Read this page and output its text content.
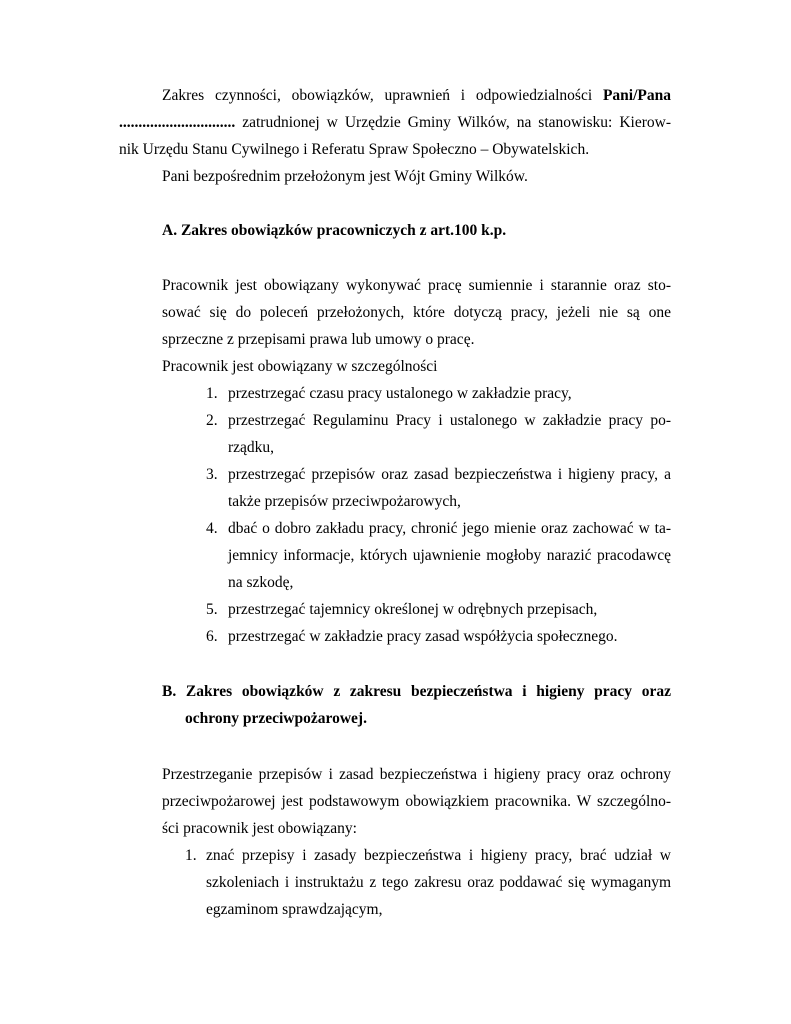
Zakres czynności, obowiązków, uprawnień i odpowiedzialności Pani/Pana
.............................. zatrudnionej w Urzędzie Gminy Wilków, na stanowisku: Kierow-
nik Urzędu Stanu Cywilnego i Referatu Spraw Społeczno – Obywatelskich.
Pani bezpośrednim przełożonym jest Wójt Gminy Wilków.
A. Zakres obowiązków pracowniczych z art.100 k.p.
Pracownik jest obowiązany wykonywać pracę sumiennie i starannie oraz sto-
sować się do poleceń przełożonych, które dotyczą pracy, jeżeli nie są one
sprzeczne z przepisami prawa lub umowy o pracę.
Pracownik jest obowiązany w szczególności
1. przestrzegać czasu pracy ustalonego w zakładzie pracy,
2. przestrzegać Regulaminu Pracy i ustalonego w zakładzie pracy po-
rządku,
3. przestrzegać przepisów oraz zasad bezpieczeństwa i higieny pracy, a
także przepisów przeciwpożarowych,
4. dbać o dobro zakładu pracy, chronić jego mienie oraz zachować w ta-
jemnicy informacje, których ujawnienie mogłoby narazić pracodawcę
na szkodę,
5. przestrzegać tajemnicy określonej w odrębnych przepisach,
6. przestrzegać w zakładzie pracy zasad współżycia społecznego.
B. Zakres obowiązków z zakresu bezpieczeństwa i higieny pracy oraz
ochrony przeciwpożarowej.
Przestrzeganie przepisów i zasad bezpieczeństwa i higieny pracy oraz ochrony
przeciwpożarowej jest podstawowym obowiązkiem pracownika. W szczególno-
ści pracownik jest obowiązany:
1. znać przepisy i zasady bezpieczeństwa i higieny pracy, brać udział w
szkoleniach i instruktażu z tego zakresu oraz poddawać się wymaganym
egzaminom sprawdzającym,
